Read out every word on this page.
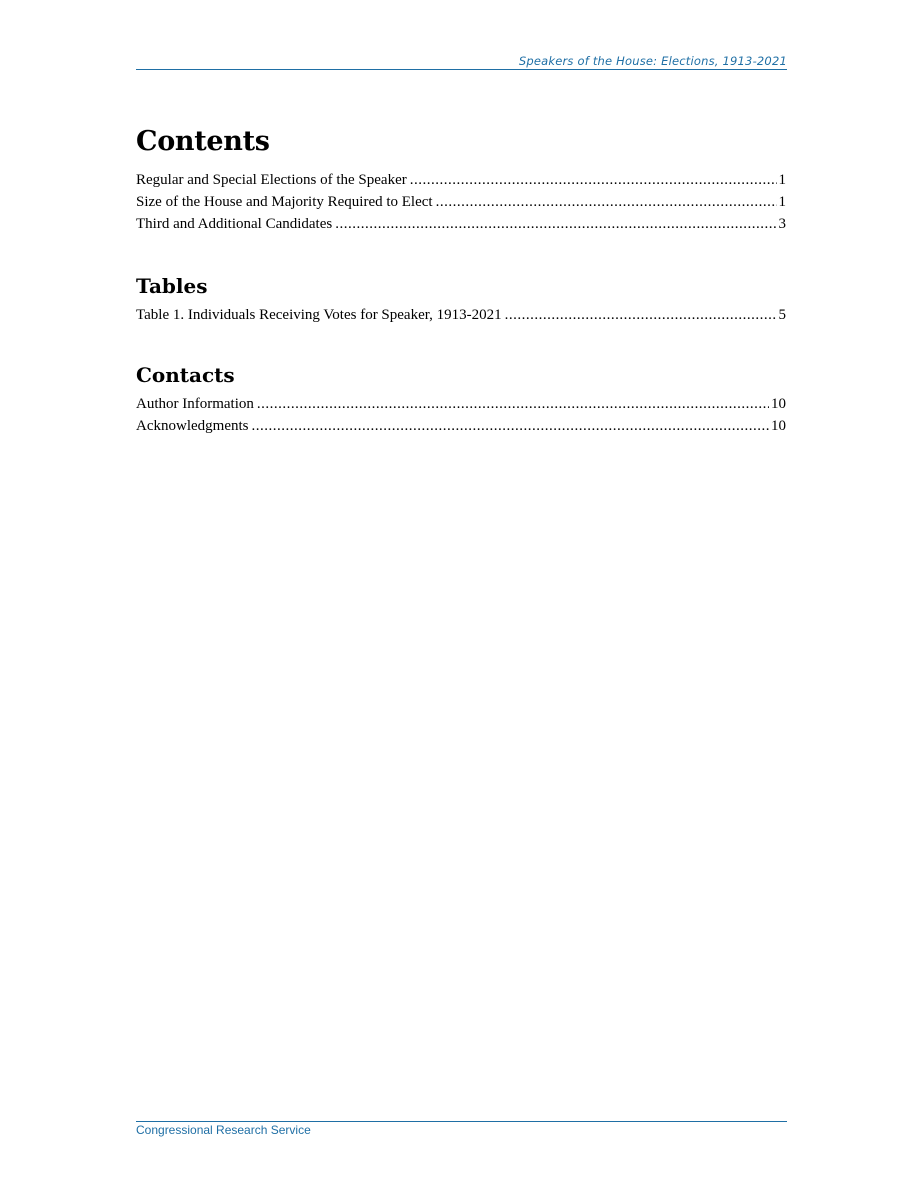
Speakers of the House: Elections, 1913-2021
Contents
Regular and Special Elections of the Speaker .....	1
Size of the House and Majority Required to Elect .....	1
Third and Additional Candidates .....	3
Tables
Table 1. Individuals Receiving Votes for Speaker, 1913-2021 .....	5
Contacts
Author Information .....	10
Acknowledgments .....	10
Congressional Research Service
